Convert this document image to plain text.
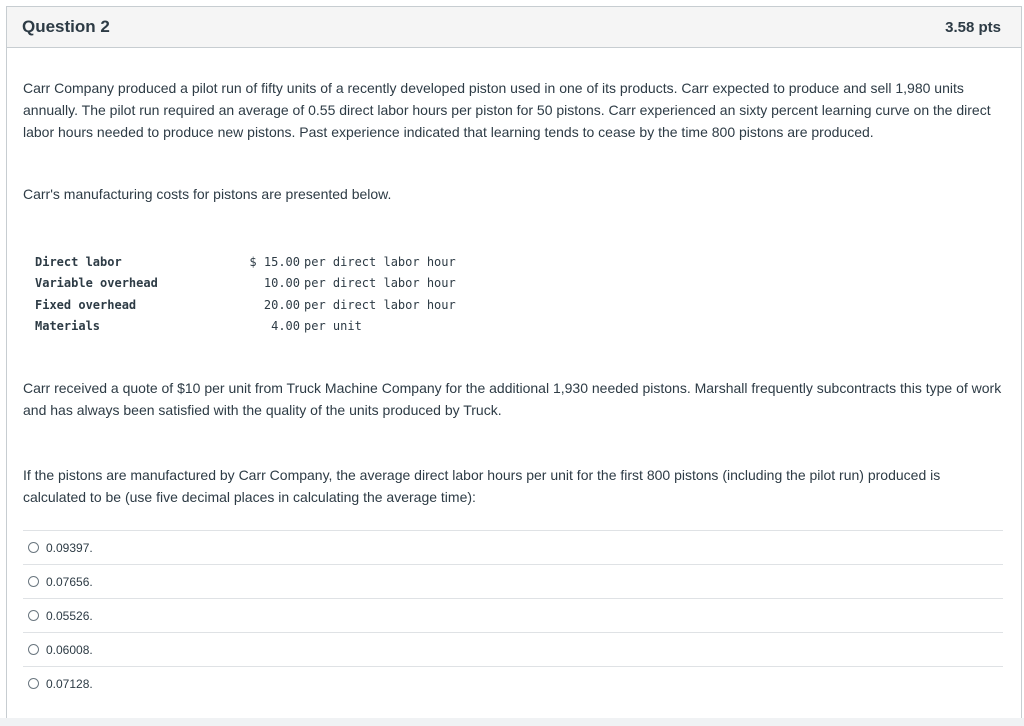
Question 2	3.58 pts

Carr Company produced a pilot run of fifty units of a recently developed piston used in one of its products. Carr expected to produce and sell 1,980 units annually. The pilot run required an average of 0.55 direct labor hours per piston for 50 pistons. Carr experienced an sixty percent learning curve on the direct labor hours needed to produce new pistons. Past experience indicated that learning tends to cease by the time 800 pistons are produced.

Carr's manufacturing costs for pistons are presented below.

Direct labor	$ 15.00 per direct labor hour
Variable overhead	10.00 per direct labor hour
Fixed overhead	20.00 per direct labor hour
Materials	4.00 per unit

Carr received a quote of $10 per unit from Truck Machine Company for the additional 1,930 needed pistons. Marshall frequently subcontracts this type of work and has always been satisfied with the quality of the units produced by Truck.

If the pistons are manufactured by Carr Company, the average direct labor hours per unit for the first 800 pistons (including the pilot run) produced is calculated to be (use five decimal places in calculating the average time):

0.09397.
0.07656.
0.05526.
0.06008.
0.07128.
